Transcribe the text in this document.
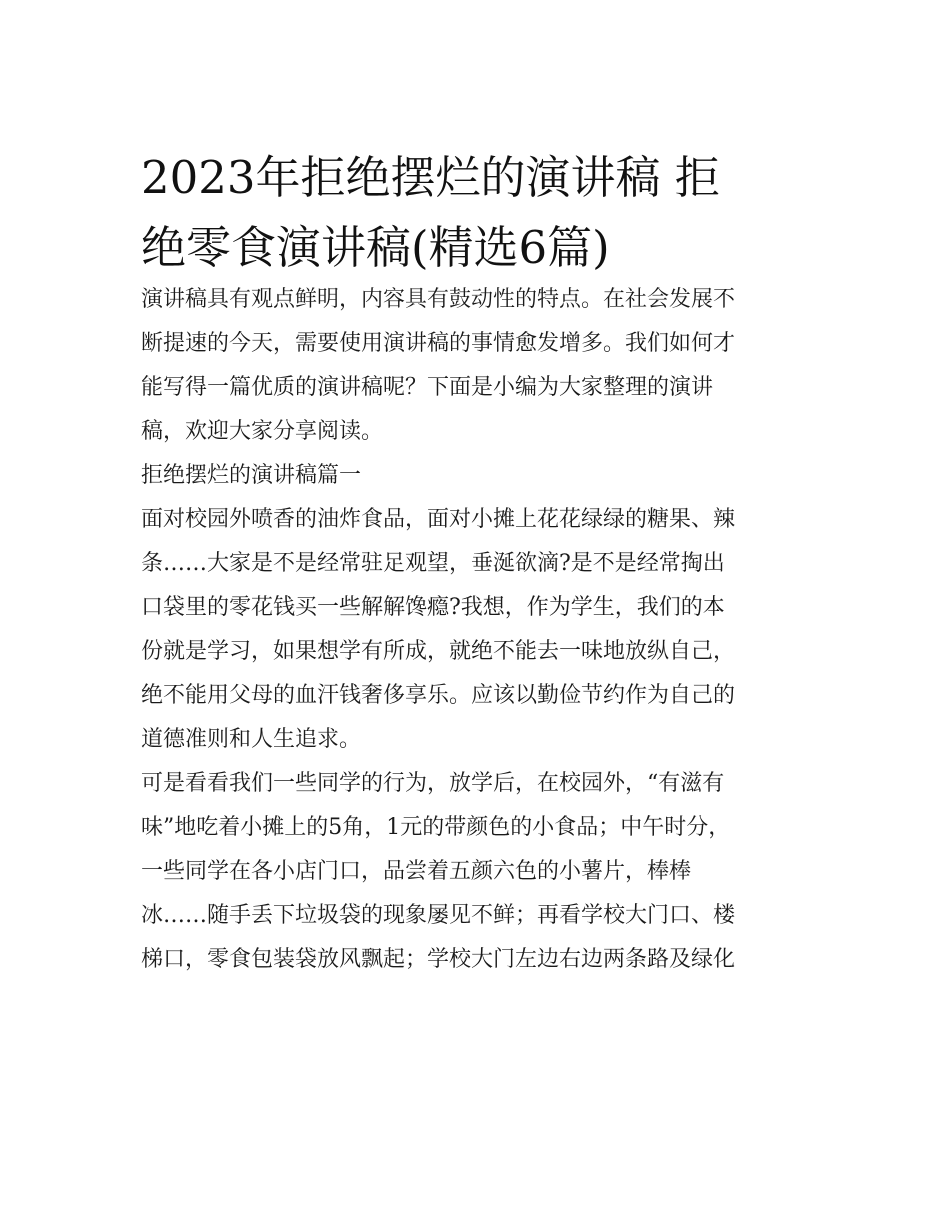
2023年拒绝摆烂的演讲稿 拒
绝零食演讲稿(精选6篇)

演讲稿具有观点鲜明，内容具有鼓动性的特点。在社会发展不
断提速的今天，需要使用演讲稿的事情愈发增多。我们如何才
能写得一篇优质的演讲稿呢？下面是小编为大家整理的演讲
稿，欢迎大家分享阅读。

拒绝摆烂的演讲稿篇一

面对校园外喷香的油炸食品，面对小摊上花花绿绿的糖果、辣
条……大家是不是经常驻足观望，垂涎欲滴?是不是经常掏出
口袋里的零花钱买一些解解馋瘾?我想，作为学生，我们的本
份就是学习，如果想学有所成，就绝不能去一味地放纵自己，
绝不能用父母的血汗钱奢侈享乐。应该以勤俭节约作为自己的
道德准则和人生追求。

可是看看我们一些同学的行为，放学后，在校园外，“有滋有
味”地吃着小摊上的5角，1元的带颜色的小食品；中午时分，
一些同学在各小店门口，品尝着五颜六色的小薯片，棒棒
冰……随手丢下垃圾袋的现象屡见不鲜；再看学校大门口、楼
梯口，零食包装袋放风飘起；学校大门左边右边两条路及绿化
